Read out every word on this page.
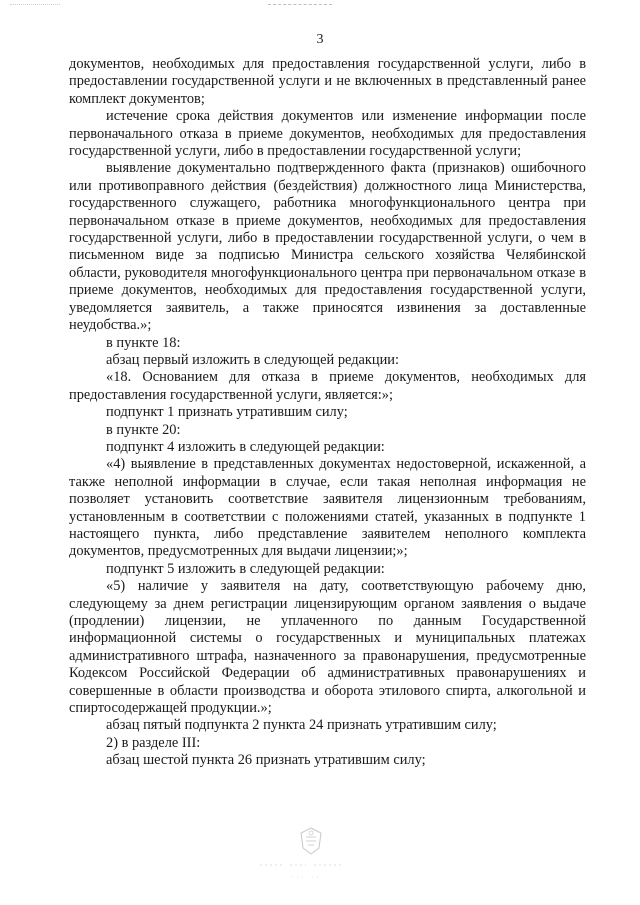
3

документов, необходимых для предоставления государственной услуги, либо в предоставлении государственной услуги и не включенных в представленный ранее комплект документов;

истечение срока действия документов или изменение информации после первоначального отказа в приеме документов, необходимых для предоставления государственной услуги, либо в предоставлении государственной услуги;

выявление документально подтвержденного факта (признаков) ошибочного или противоправного действия (бездействия) должностного лица Министерства, государственного служащего, работника многофункционального центра при первоначальном отказе в приеме документов, необходимых для предоставления государственной услуги, либо в предоставлении государственной услуги, о чем в письменном виде за подписью Министра сельского хозяйства Челябинской области, руководителя многофункционального центра при первоначальном отказе в приеме документов, необходимых для предоставления государственной услуги, уведомляется заявитель, а также приносятся извинения за доставленные неудобства.»;

в пункте 18:

абзац первый изложить в следующей редакции:

«18. Основанием для отказа в приеме документов, необходимых для предоставления государственной услуги, является:»;

подпункт 1 признать утратившим силу;

в пункте 20:

подпункт 4 изложить в следующей редакции:

«4) выявление в представленных документах недостоверной, искаженной, а также неполной информации в случае, если такая неполная информация не позволяет установить соответствие заявителя лицензионным требованиям, установленным в соответствии с положениями статей, указанных в подпункте 1 настоящего пункта, либо представление заявителем неполного комплекта документов, предусмотренных для выдачи лицензии;»;

подпункт 5 изложить в следующей редакции:

«5) наличие у заявителя на дату, соответствующую рабочему дню, следующему за днем регистрации лицензирующим органом заявления о выдаче (продлении) лицензии, не уплаченного по данным Государственной информационной системы о государственных и муниципальных платежах административного штрафа, назначенного за правонарушения, предусмотренные Кодексом Российской Федерации об административных правонарушениях и совершенные в области производства и оборота этилового спирта, алкогольной и спиртосодержащей продукции.»;

абзац пятый подпункта 2 пункта 24 признать утратившим силу;

2) в разделе III:

абзац шестой пункта 26 признать утратившим силу;
